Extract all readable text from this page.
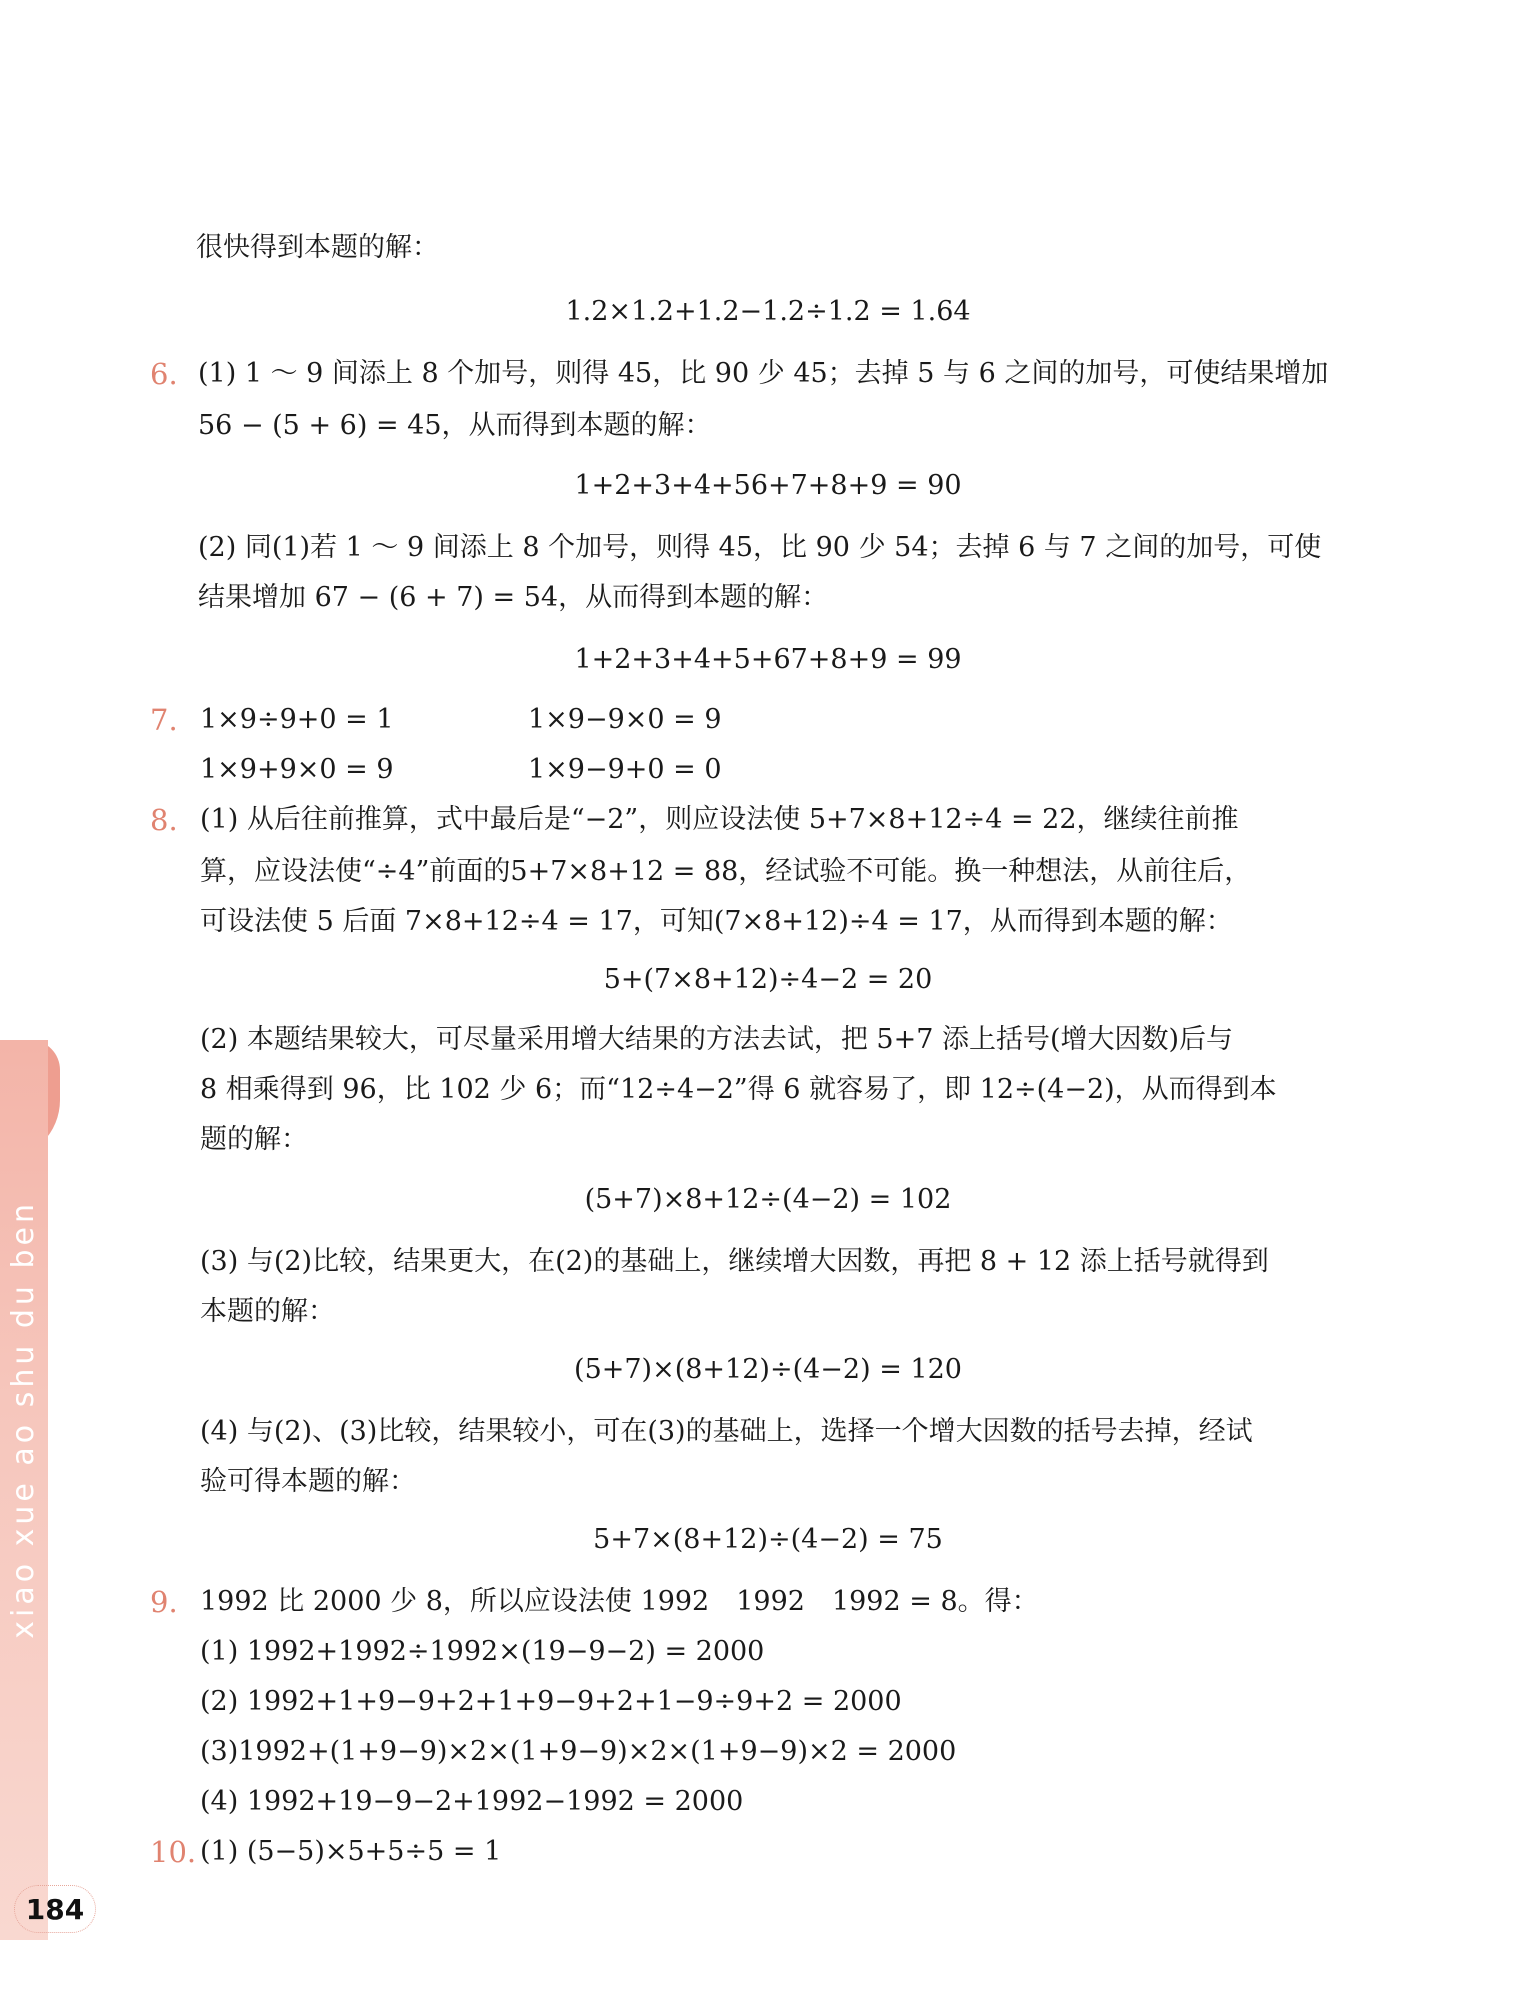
xiao xue ao shu du ben
很快得到本题的解：
1.2×1.2+1.2−1.2÷1.2 = 1.64
6. (1) 1 ～ 9 间添上 8 个加号，则得 45，比 90 少 45；去掉 5 与 6 之间的加号，可使结果增加
56 − (5 + 6) = 45，从而得到本题的解：
1+2+3+4+56+7+8+9 = 90
(2) 同(1)若 1 ～ 9 间添上 8 个加号，则得 45，比 90 少 54；去掉 6 与 7 之间的加号，可使
结果增加 67 − (6 + 7) = 54，从而得到本题的解：
1+2+3+4+5+67+8+9 = 99
7. 1×9÷9+0 = 1	1×9−9×0 = 9
1×9+9×0 = 9	1×9−9+0 = 0
8. (1) 从后往前推算，式中最后是“−2”，则应设法使 5+7×8+12÷4 = 22，继续往前推
算，应设法使“÷4”前面的5+7×8+12 = 88，经试验不可能。换一种想法，从前往后，
可设法使 5 后面 7×8+12÷4 = 17，可知(7×8+12)÷4 = 17，从而得到本题的解：
5+(7×8+12)÷4−2 = 20
(2) 本题结果较大，可尽量采用增大结果的方法去试，把 5+7 添上括号(增大因数)后与
8 相乘得到 96，比 102 少 6；而“12÷4−2”得 6 就容易了，即 12÷(4−2)，从而得到本
题的解：
(5+7)×8+12÷(4−2) = 102
(3) 与(2)比较，结果更大，在(2)的基础上，继续增大因数，再把 8 + 12 添上括号就得到
本题的解：
(5+7)×(8+12)÷(4−2) = 120
(4) 与(2)、(3)比较，结果较小，可在(3)的基础上，选择一个增大因数的括号去掉，经试
验可得本题的解：
5+7×(8+12)÷(4−2) = 75
9. 1992 比 2000 少 8，所以应设法使 1992　1992　1992 = 8。得：
(1) 1992+1992÷1992×(19−9−2) = 2000
(2) 1992+1+9−9+2+1+9−9+2+1−9÷9+2 = 2000
(3)1992+(1+9−9)×2×(1+9−9)×2×(1+9−9)×2 = 2000
(4) 1992+19−9−2+1992−1992 = 2000
10. (1) (5−5)×5+5÷5 = 1
184
